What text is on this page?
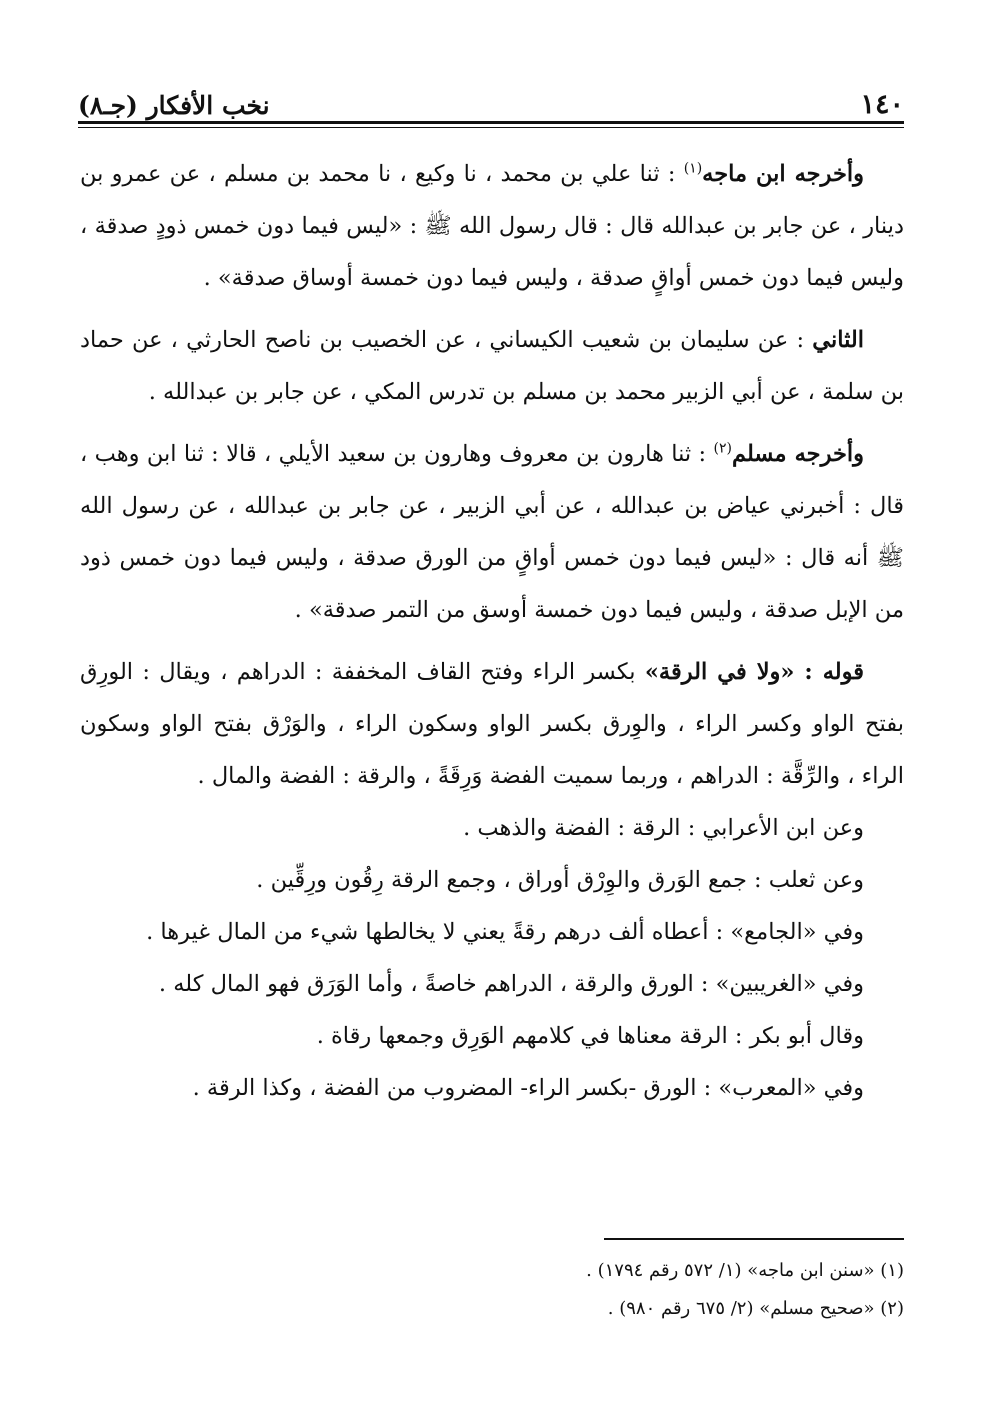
١٤٠
نخب الأفكار (جـ٨)

وأخرجه ابن ماجه$^{(١)}$ : ثنا علي بن محمد ، نا وكيع ، نا محمد بن مسلم ، عن عمرو بن دينار ، عن جابر بن عبدالله قال : قال رسول الله ﷺ : «ليس فيما دون خمس ذودٍ صدقة ، وليس فيما دون خمس أواقٍ صدقة ، وليس فيما دون خمسة أوساق صدقة» .

الثاني : عن سليمان بن شعيب الكيساني ، عن الخصيب بن ناصح الحارثي ، عن حماد بن سلمة ، عن أبي الزبير محمد بن مسلم بن تدرس المكي ، عن جابر بن عبدالله .

وأخرجه مسلم$^{(٢)}$ : ثنا هارون بن معروف وهارون بن سعيد الأيلي ، قالا : ثنا ابن وهب ، قال : أخبرني عياض بن عبدالله ، عن أبي الزبير ، عن جابر بن عبدالله ، عن رسول الله ﷺ أنه قال : «ليس فيما دون خمس أواقٍ من الورق صدقة ، وليس فيما دون خمس ذود من الإبل صدقة ، وليس فيما دون خمسة أوسق من التمر صدقة» .

قوله : «ولا في الرقة» بكسر الراء وفتح القاف المخففة : الدراهم ، ويقال : الورِق بفتح الواو وكسر الراء ، والوِرق بكسر الواو وسكون الراء ، والوَرْق بفتح الواو وسكون الراء ، والرِّقَّة : الدراهم ، وربما سميت الفضة وَرِقَةً ، والرقة : الفضة والمال .

وعن ابن الأعرابي : الرقة : الفضة والذهب .

وعن ثعلب : جمع الوَرق والوِرْق أوراق ، وجمع الرقة رِقُون ورِقِّين .

وفي «الجامع» : أعطاه ألف درهم رقةً يعني لا يخالطها شيء من المال غيرها .

وفي «الغريبين» : الورق والرقة ، الدراهم خاصةً ، وأما الوَرَق فهو المال كله .

وقال أبو بكر : الرقة معناها في كلامهم الوَرِق وجمعها رقاة .

وفي «المعرب» : الورق -بكسر الراء- المضروب من الفضة ، وكذا الرقة .

(١) «سنن ابن ماجه» (١/ ٥٧٢ رقم ١٧٩٤) .

(٢) «صحيح مسلم» (٢/ ٦٧٥ رقم ٩٨٠) .
